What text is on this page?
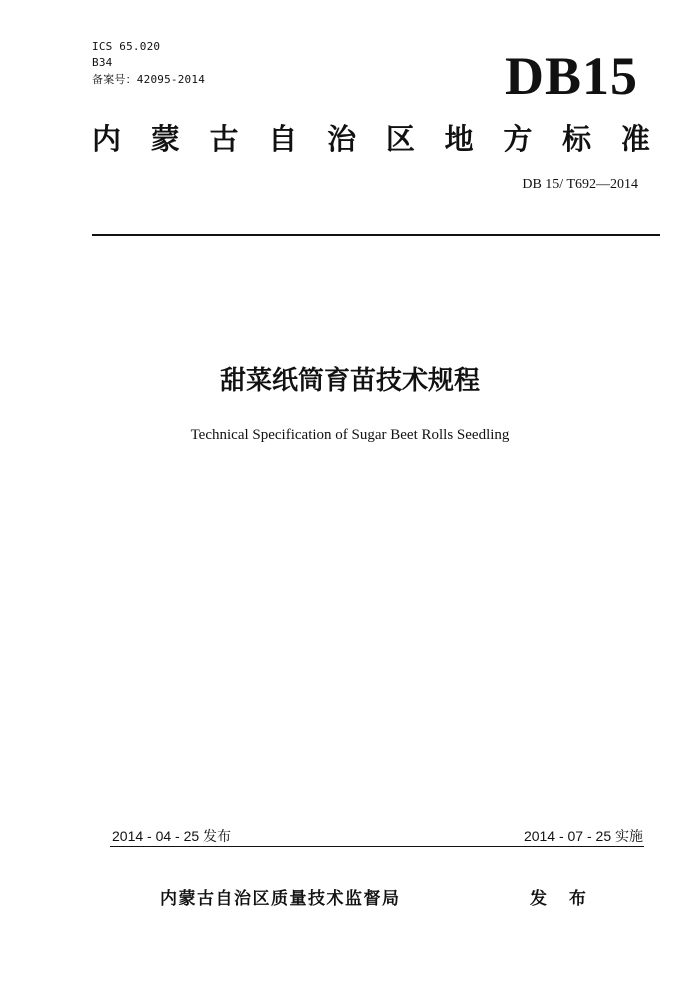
ICS 65.020
B34
备案号：42095-2014	DB15
内 蒙 古 自 治 区 地 方 标 准
DB 15/ T692—2014
甜菜纸筒育苗技术规程
Technical Specification of Sugar Beet Rolls Seedling
2014 - 04 - 25 发布	2014 - 07 - 25 实施
内蒙古自治区质量技术监督局	发 布
